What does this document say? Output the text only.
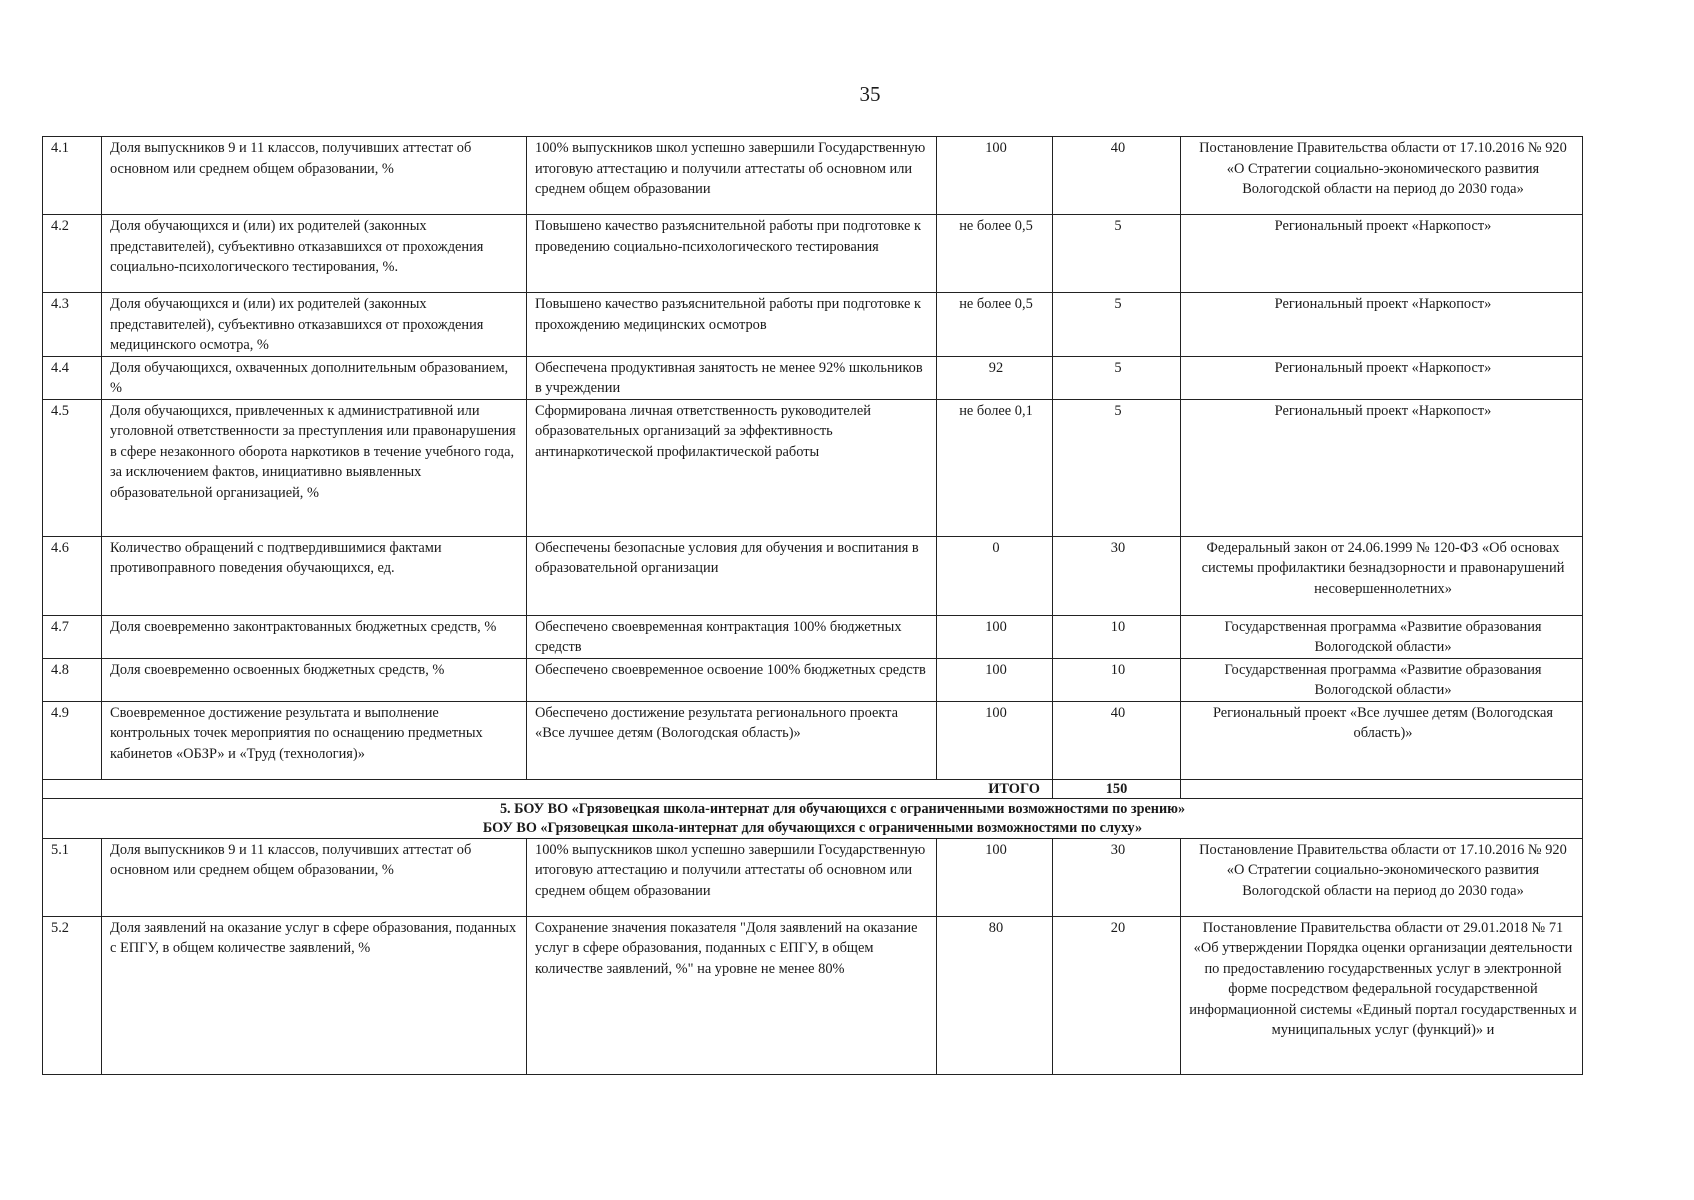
35
4.1	Доля выпускников 9 и 11 классов, получивших аттестат об основном или среднем общем образовании, %	100% выпускников школ успешно завершили Государственную итоговую аттестацию и получили аттестаты об основном или среднем общем образовании	100	40	Постановление Правительства области от 17.10.2016 № 920 «О Стратегии социально-экономического развития Вологодской области на период до 2030 года»
4.2	Доля обучающихся и (или) их родителей (законных представителей), субъективно отказавшихся от прохождения социально-психологического тестирования, %.	Повышено качество разъяснительной работы при подготовке к проведению социально-психологического тестирования	не более 0,5	5	Региональный проект «Наркопост»
4.3	Доля обучающихся и (или) их родителей (законных представителей), субъективно отказавшихся от прохождения медицинского осмотра, %	Повышено качество разъяснительной работы при подготовке к прохождению медицинских осмотров	не более 0,5	5	Региональный проект «Наркопост»
4.4	Доля обучающихся, охваченных дополнительным образованием, %	Обеспечена продуктивная занятость не менее 92% школьников в учреждении	92	5	Региональный проект «Наркопост»
4.5	Доля обучающихся, привлеченных к административной или уголовной ответственности за преступления или правонарушения в сфере незаконного оборота наркотиков в течение учебного года, за исключением фактов, инициативно выявленных образовательной организацией, %	Сформирована личная ответственность руководителей образовательных организаций за эффективность антинаркотической профилактической работы	не более 0,1	5	Региональный проект «Наркопост»
4.6	Количество обращений с подтвердившимися фактами противоправного поведения обучающихся, ед.	Обеспечены безопасные условия для обучения и воспитания в образовательной организации	0	30	Федеральный закон от 24.06.1999 № 120-ФЗ «Об основах системы профилактики безнадзорности и правонарушений несовершеннолетних»
4.7	Доля своевременно законтрактованных бюджетных средств, %	Обеспечено своевременная контрактация 100% бюджетных средств	100	10	Государственная программа «Развитие образования Вологодской области»
4.8	Доля своевременно освоенных бюджетных средств, %	Обеспечено своевременное освоение 100% бюджетных средств	100	10	Государственная программа «Развитие образования Вологодской области»
4.9	Своевременное достижение результата и выполнение контрольных точек мероприятия по оснащению предметных кабинетов «ОБЗР» и «Труд (технология)»	Обеспечено достижение результата регионального проекта «Все лучшее детям (Вологодская область)»	100	40	Региональный проект «Все лучшее детям (Вологодская область)»
ИТОГО				150	

5. БОУ ВО «Грязовецкая школа-интернат для обучающихся с ограниченными возможностями по зрению»
БОУ ВО «Грязовецкая школа-интернат для обучающихся с ограниченными возможностями по слуху»					
5.1	Доля выпускников 9 и 11 классов, получивших аттестат об основном или среднем общем образовании, %	100% выпускников школ успешно завершили Государственную итоговую аттестацию и получили аттестаты об основном или среднем общем образовании	100	30	Постановление Правительства области от 17.10.2016 № 920 «О Стратегии социально-экономического развития Вологодской области на период до 2030 года»
5.2	Доля заявлений на оказание услуг в сфере образования, поданных с ЕПГУ, в общем количестве заявлений, %	Сохранение значения показателя "Доля заявлений на оказание услуг в сфере образования, поданных с ЕПГУ, в общем количестве заявлений, %" на уровне не менее 80%	80	20	Постановление Правительства области от 29.01.2018 № 71 «Об утверждении Порядка оценки организации деятельности по предоставлению государственных услуг в электронной форме посредством федеральной государственной информационной системы «Единый портал государственных и муниципальных услуг (функций)» и
